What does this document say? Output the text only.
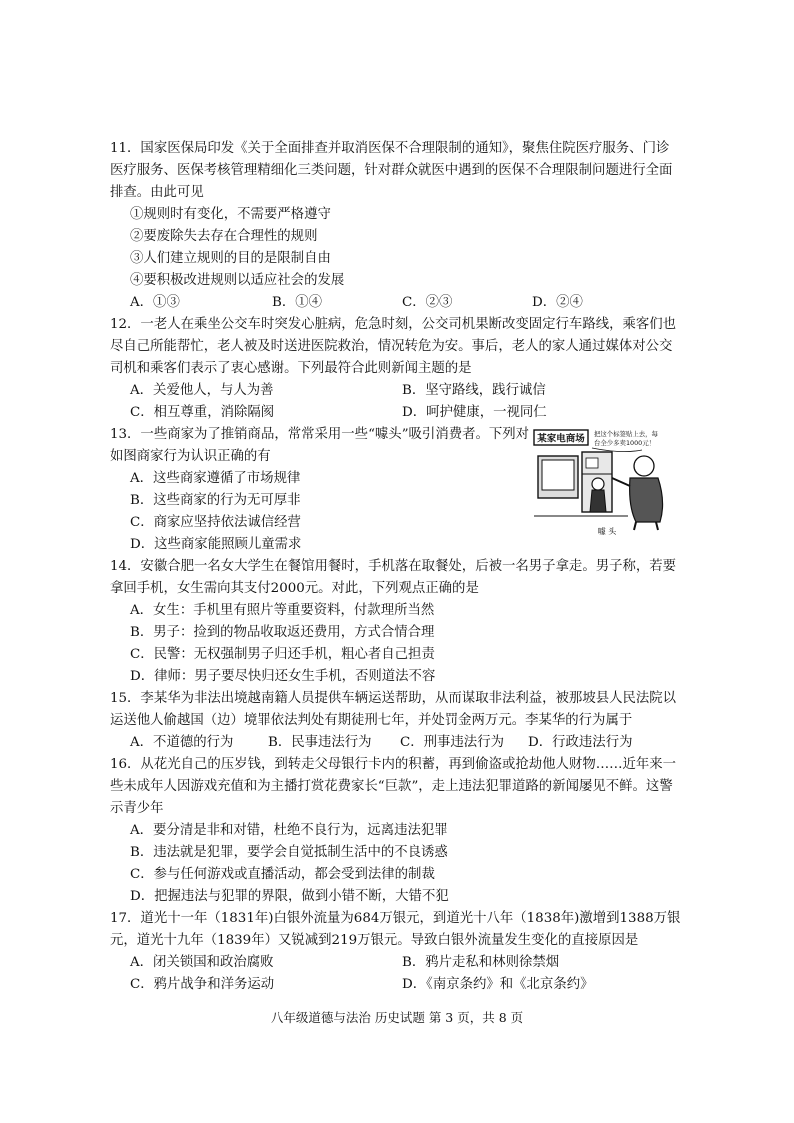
11．国家医保局印发《关于全面排查并取消医保不合理限制的通知》，聚焦住院医疗服务、门诊
医疗服务、医保考核管理精细化三类问题，针对群众就医中遇到的医保不合理限制问题进行全面
排查。由此可见
①规则时有变化，不需要严格遵守
②要废除失去存在合理性的规则
③人们建立规则的目的是限制自由
④要积极改进规则以适应社会的发展
A．①③	B．①④	C．②③	D．②④
12．一老人在乘坐公交车时突发心脏病，危急时刻，公交司机果断改变固定行车路线，乘客们也
尽自己所能帮忙，老人被及时送进医院救治，情况转危为安。事后，老人的家人通过媒体对公交
司机和乘客们表示了衷心感谢。下列最符合此则新闻主题的是
A．关爱他人，与人为善	B．坚守路线，践行诚信
C．相互尊重，消除隔阂	D．呵护健康，一视同仁
13．一些商家为了推销商品，常常采用一些“噱头”吸引消费者。下列对
如图商家行为认识正确的有
A．这些商家遵循了市场规律
B．这些商家的行为无可厚非
C．商家应坚持依法诚信经营
D．这些商家能照顾儿童需求
某家电商场 把这个标签贴上去，每
台全少多卖1000元！
噱 头
14．安徽合肥一名女大学生在餐馆用餐时，手机落在取餐处，后被一名男子拿走。男子称，若要
拿回手机，女生需向其支付2000元。对此，下列观点正确的是
A．女生：手机里有照片等重要资料，付款理所当然
B．男子：捡到的物品收取返还费用，方式合情合理
C．民警：无权强制男子归还手机，粗心者自己担责
D．律师：男子要尽快归还女生手机，否则道法不容
15．李某华为非法出境越南籍人员提供车辆运送帮助，从而谋取非法利益，被那坡县人民法院以
运送他人偷越国（边）境罪依法判处有期徒刑七年，并处罚金两万元。李某华的行为属于
A．不道德的行为	B．民事违法行为 C．刑事违法行为 D．行政违法行为
16．从花光自己的压岁钱，到转走父母银行卡内的积蓄，再到偷盗或抢劫他人财物……近年来一
些未成年人因游戏充值和为主播打赏花费家长“巨款”，走上违法犯罪道路的新闻屡见不鲜。这警
示青少年
A．要分清是非和对错，杜绝不良行为，远离违法犯罪
B．违法就是犯罪，要学会自觉抵制生活中的不良诱惑
C．参与任何游戏或直播活动，都会受到法律的制裁
D．把握违法与犯罪的界限，做到小错不断，大错不犯
17．道光十一年（1831年)白银外流量为684万银元，到道光十八年（1838年)激增到1388万银
元，道光十九年（1839年）又锐减到219万银元。导致白银外流量发生变化的直接原因是
A．闭关锁国和政治腐败	B．鸦片走私和林则徐禁烟
C．鸦片战争和洋务运动	D．《南京条约》和《北京条约》
八年级道德与法治 历史试题 第 3 页，共 8 页
